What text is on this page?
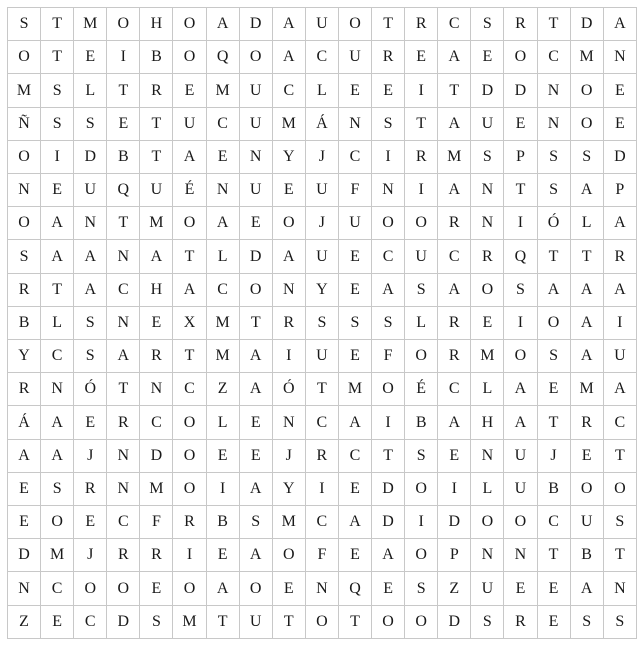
S	T	M	O	H	O	A	D	A	U	O	T	R	C	S	R	T	D	A
O	T	E	I	B	O	Q	O	A	C	U	R	E	A	E	O	C	M	N
M	S	L	T	R	E	M	U	C	L	E	E	I	T	D	D	N	O	E
Ñ	S	S	E	T	U	C	U	M	Á	N	S	T	A	U	E	N	O	E
O	I	D	B	T	A	E	N	Y	J	C	I	R	M	S	P	S	S	D
N	E	U	Q	U	É	N	U	E	U	F	N	I	A	N	T	S	A	P
O	A	N	T	M	O	A	E	O	J	U	O	O	R	N	I	Ó	L	A
S	A	A	N	A	T	L	D	A	U	E	C	U	C	R	Q	T	T	R
R	T	A	C	H	A	C	O	N	Y	E	A	S	A	O	S	A	A	A
B	L	S	N	E	X	M	T	R	S	S	S	L	R	E	I	O	A	I
Y	C	S	A	R	T	M	A	I	U	E	F	O	R	M	O	S	A	U
R	N	Ó	T	N	C	Z	A	Ó	T	M	O	É	C	L	A	E	M	A
Á	A	E	R	C	O	L	E	N	C	A	I	B	A	H	A	T	R	C
A	A	J	N	D	O	E	E	J	R	C	T	S	E	N	U	J	E	T
E	S	R	N	M	O	I	A	Y	I	E	D	O	I	L	U	B	O	O
E	O	E	C	F	R	B	S	M	C	A	D	I	D	O	O	C	U	S
D	M	J	R	R	I	E	A	O	F	E	A	O	P	N	N	T	B	T
N	C	O	O	E	O	A	O	E	N	Q	E	S	Z	U	E	E	A	N
Z	E	C	D	S	M	T	U	T	O	T	O	O	D	S	R	E	S	S
